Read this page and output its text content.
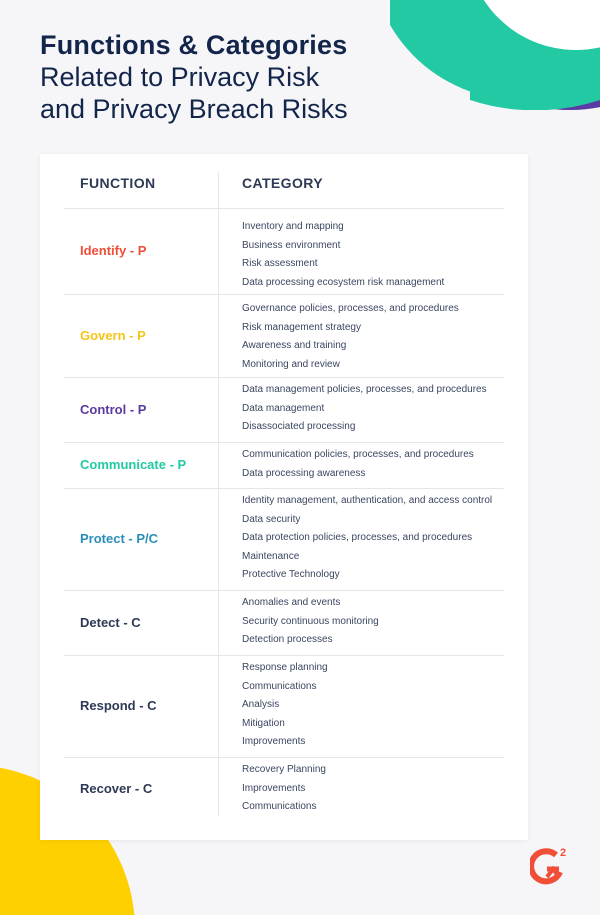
Functions & Categories

Related to Privacy Risk

and Privacy Breach Risks

FUNCTION	CATEGORY
Identify - P
Inventory and mapping
Business environment
Risk assessment
Data processing ecosystem risk management
Govern - P
Governance policies, processes, and procedures
Risk management strategy
Awareness and training
Monitoring and review
Control - P
Data management policies, processes, and procedures
Data management
Disassociated processing
Communicate - P
Communication policies, processes, and procedures
Data processing awareness
Protect - P/C
Identity management, authentication, and access control
Data security
Data protection policies, processes, and procedures
Maintenance
Protective Technology
Detect - C
Anomalies and events
Security continuous monitoring
Detection processes
Respond - C
Response planning
Communications
Analysis
Mitigation
Improvements
Recover - C
Recovery Planning
Improvements
Communications
2
